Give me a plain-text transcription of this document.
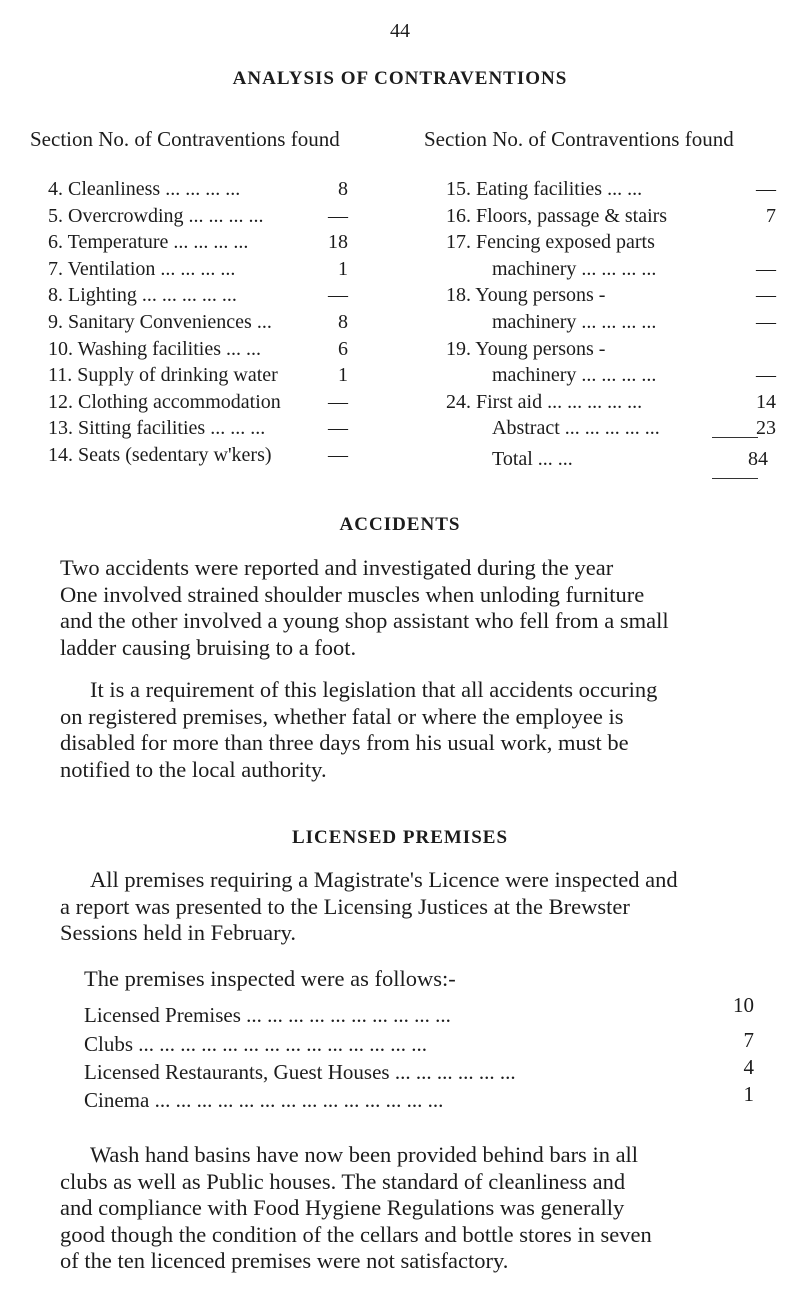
44
ANALYSIS OF CONTRAVENTIONS
Section No. of Contraventions found	Section No. of Contraventions found
4. Cleanliness ... ... ... ...	8
5. Overcrowding ... ... ... ...	—
6. Temperature ... ... ... ...	18
7. Ventilation ... ... ... ...	1
8. Lighting ... ... ... ... ...	—
9. Sanitary Conveniences ...	8
10. Washing facilities ... ...	6
11. Supply of drinking water	1
12. Clothing accommodation	—
13. Sitting facilities ... ... ...	—
14. Seats (sedentary w'kers)	—
15. Eating facilities ... ...	—
16. Floors, passage & stairs	7
17. Fencing exposed parts
machinery ... ... ... ...	—
18. Young persons -	—
machinery ... ... ... ...	—
19. Young persons -
machinery ... ... ... ...	—
24. First aid ... ... ... ... ...	14
Abstract ... ... ... ... ...	23
Total ... ...	84
ACCIDENTS
Two accidents were reported and investigated during the year
One involved strained shoulder muscles when unloding furniture
and the other involved a young shop assistant who fell from a small
ladder causing bruising to a foot.
It is a requirement of this legislation that all accidents occuring
on registered premises, whether fatal or where the employee is
disabled for more than three days from his usual work, must be
notified to the local authority.
LICENSED PREMISES
All premises requiring a Magistrate's Licence were inspected and
a report was presented to the Licensing Justices at the Brewster
Sessions held in February.
The premises inspected were as follows:-
Licensed Premises ... ... ... ... ... ... ... ... ... ...	10
Clubs ... ... ... ... ... ... ... ... ... ... ... ... ... ...	7
Licensed Restaurants, Guest Houses ... ... ... ... ... ...	4
Cinema ... ... ... ... ... ... ... ... ... ... ... ... ... ...	1
Wash hand basins have now been provided behind bars in all
clubs as well as Public houses. The standard of cleanliness and
and compliance with Food Hygiene Regulations was generally
good though the condition of the cellars and bottle stores in seven
of the ten licenced premises were not satisfactory.
